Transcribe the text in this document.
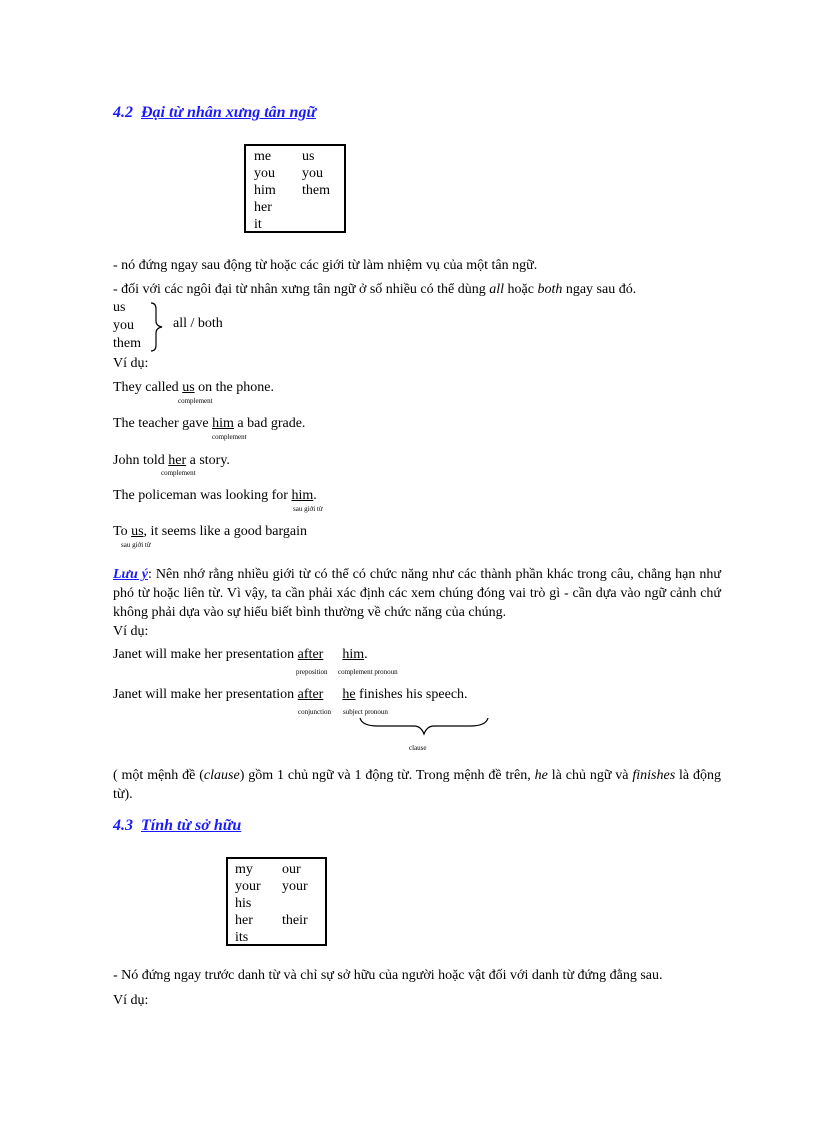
4.2 Đại từ nhân xưng tân ngữ
me us
you you
him them
her
it
- nó đứng ngay sau động từ hoặc các giới từ làm nhiệm vụ của một tân ngữ.
- đối với các ngôi đại từ nhân xưng tân ngữ ở số nhiều có thể dùng all hoặc both ngay sau đó.
us
you
them
all / both
Ví dụ:
They called us on the phone.
complement
The teacher gave him a bad grade.
complement
John told her a story.
complement
The policeman was looking for him.
sau giới từ
To us, it seems like a good bargain
sau giới từ
Lưu ý: Nên nhớ rằng nhiều giới từ có thể có chức năng như các thành phần khác trong câu, chẳng hạn như phó từ hoặc liên từ. Vì vậy, ta cần phải xác định các xem chúng đóng vai trò gì - cần dựa vào ngữ cảnh chứ không phải dựa vào sự hiểu biết bình thường về chức năng của chúng.
Ví dụ:
Janet will make her presentation after him.
preposition complement pronoun
Janet will make her presentation after he finishes his speech.
conjunction subject pronoun
clause
( một mệnh đề (clause) gồm 1 chủ ngữ và 1 động từ. Trong mệnh đề trên, he là chủ ngữ và finishes là động từ).
4.3 Tính từ sở hữu
my our
your your
his
her their
its
- Nó đứng ngay trước danh từ và chỉ sự sở hữu của người hoặc vật đối với danh từ đứng đằng sau.
Ví dụ:
